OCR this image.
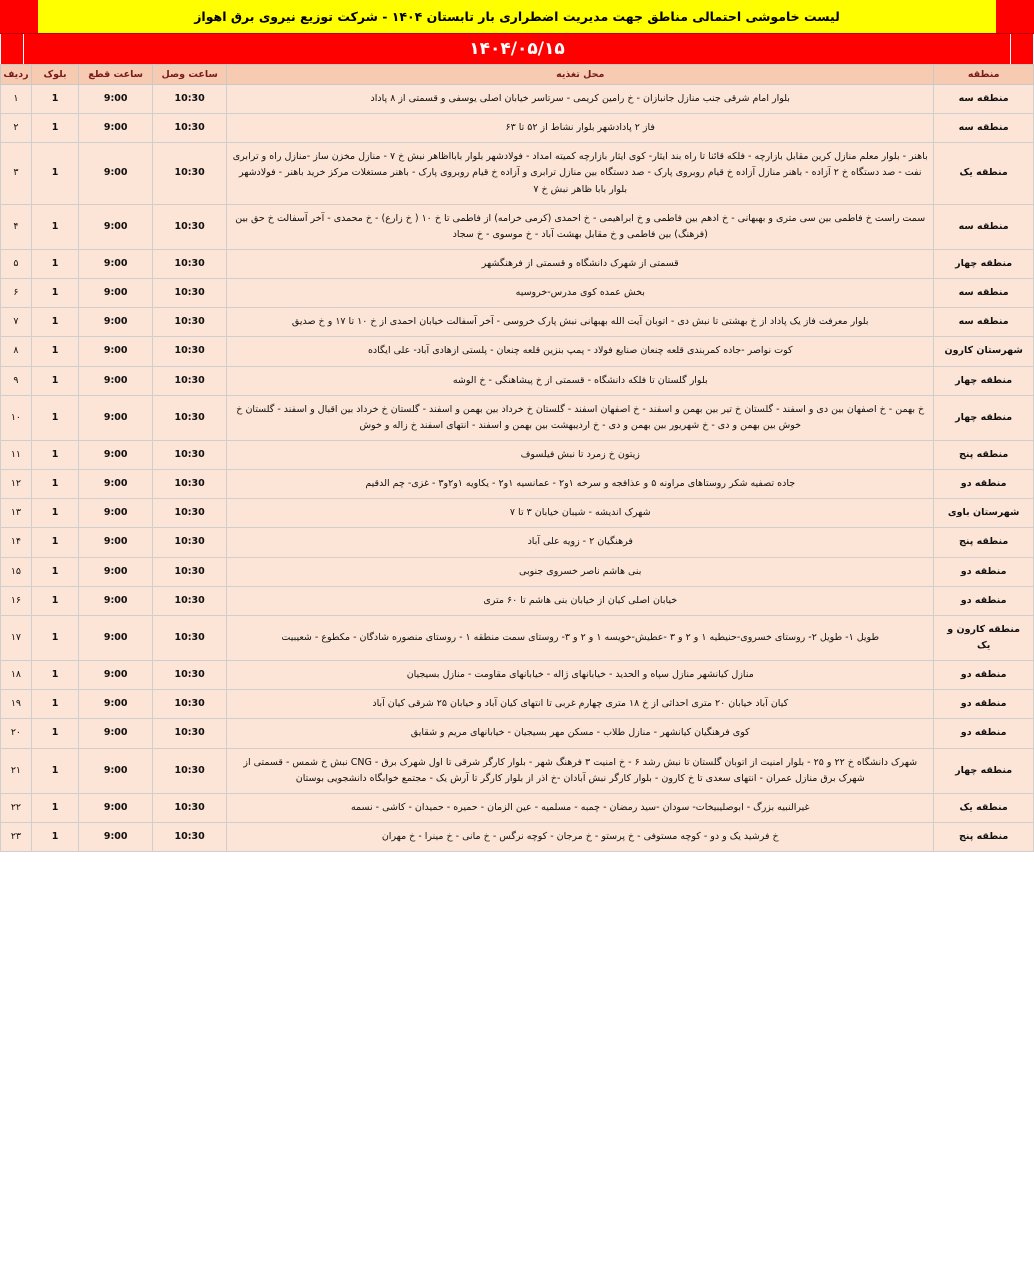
لیست خاموشی احتمالی مناطق جهت مدیریت اضطراری بار تابستان ۱۴۰۴ - شرکت توزیع نیروی برق اهواز
۱۴۰۴/۰۵/۱۵
منطقه	محل تغذیه	ساعت وصل	ساعت قطع	بلوک	ردیف
منطقه سه	بلوار امام شرقی جنب منازل جانبازان - خ رامین کریمی - سرتاسر خیابان اصلی یوسفی و قسمتی از ۸ پاداد	10:30	9:00	1	۱
منطقه سه	فاز ۲ پادادشهر بلوار نشاط از ۵۲ تا ۶۳	10:30	9:00	1	۲
منطقه یک	باهنر - بلوار معلم منازل کرین مقابل بازارچه - فلکه قائنا تا راه بند ایثار- کوی ایثار بازارچه کمیته امداد - فولادشهر بلوار بابااظاهر نبش خ ۷ - منازل مخزن ساز -منازل راه و ترابری نفت - صد دستگاه خ ۲ آزاده - باهنر منازل آزاده خ قیام روبروی پارک - صد دستگاه بین منازل ترابری و آزاده خ قیام روبروی پارک - باهنر مستغلات مرکز خرید باهنر - فولادشهر بلوار بابا ظاهر نبش خ ۷	10:30	9:00	1	۳
منطقه سه	سمت راست خ فاطمی بین سی متری و بهبهانی - خ ادهم بین فاطمی و خ ابراهیمی - خ احمدی (کرمی خرامه) از فاطمی تا خ ۱۰ ( خ زارع) - خ محمدی - آخر آسفالت خ حق بین (فرهنگ) بین فاطمی و خ مقابل بهشت آباد - خ موسوی - خ سجاد	10:30	9:00	1	۴
منطقه چهار	قسمتی از شهرک دانشگاه و قسمتی از فرهنگشهر	10:30	9:00	1	۵
منطقه سه	بخش عمده کوی مدرس-خروسیه	10:30	9:00	1	۶
منطقه سه	بلوار معرفت فاز یک پاداد از خ بهشتی تا نبش دی - اتوبان آیت الله بهبهانی نبش پارک خروسی - آخر آسفالت خیابان احمدی از خ ۱۰ تا ۱۷ و خ صدیق	10:30	9:00	1	۷
شهرستان کارون	کوت نواصر -جاده کمربندی قلعه چنعان صنایع فولاد - پمپ بنزین قلعه چنعان - پلستی ازهادی آباد- علی ایگاده	10:30	9:00	1	۸
منطقه چهار	بلوار گلستان تا فلکه دانشگاه - قسمتی از خ پیشاهنگی - خ الوشه	10:30	9:00	1	۹
منطقه چهار	خ بهمن - خ اصفهان بین دی و اسفند - گلستان خ تیر بین بهمن و اسفند - خ اصفهان اسفند - گلستان خ خرداد بین بهمن و اسفند - گلستان خ خرداد بین اقبال و اسفند - گلستان خ خوش بین بهمن و دی - خ شهریور بین بهمن و دی - خ اردیبهشت بین بهمن و اسفند - انتهای اسفند خ زاله و خوش	10:30	9:00	1	۱۰
منطقه پنج	زیتون خ زمرد تا نبش فیلسوف	10:30	9:00	1	۱۱
منطقه دو	جاده تصفیه شکر روستاهای مراونه ۵ و عذافجه و سرخه ۱و۲ - عمانسیه ۱و۲ - یکاویه ۱و۲و۳ - غزی- چم الدقیم	10:30	9:00	1	۱۲
شهرستان باوی	شهرک اندیشه - شیبان خیابان ۳ تا ۷	10:30	9:00	1	۱۳
منطقه پنج	فرهنگیان ۲ - زویه علی آباد	10:30	9:00	1	۱۴
منطقه دو	بنی هاشم ناصر خسروی جنوبی	10:30	9:00	1	۱۵
منطقه دو	خیابان اصلی کیان از خیابان بنی هاشم تا ۶۰ متری	10:30	9:00	1	۱۶
منطقه کارون و یک	طویل ۱- طویل ۲- روستای خسروی-حنیطیه ۱ و ۲ و ۳ -عطیش-خویسه ۱ و ۲ و ۳- روستای سمت منطقه ۱ - روستای منصوره شادگان - مکطوع - شعیبیت	10:30	9:00	1	۱۷
منطقه دو	منازل کیانشهر منازل سپاه و الحدید - خیابانهای ژاله - خیابانهای مقاومت - منازل بسیجیان	10:30	9:00	1	۱۸
منطقه دو	کیان آباد خیابان ۲۰ متری احداثی از خ ۱۸ متری چهارم غربی تا انتهای کیان آباد و خیابان ۲۵ شرقی کیان آباد	10:30	9:00	1	۱۹
منطقه دو	کوی فرهنگیان کیانشهر - منازل طلاب - مسکن مهر بسیجیان - خیابانهای مریم و شقایق	10:30	9:00	1	۲۰
منطقه چهار	شهرک دانشگاه خ ۲۲ و ۲۵ - بلوار امنیت از اتوبان گلستان تا نبش رشد ۶ - خ امنیت ۳ فرهنگ شهر - بلوار کارگر شرقی تا اول شهرک برق - CNG نبش خ شمس - قسمتی از شهرک برق منازل عمران - انتهای سعدی تا خ کارون - بلوار کارگر نبش آبادان -خ اذر از بلوار کارگر تا آرش یک - مجتمع خوابگاه دانشجویی بوستان	10:30	9:00	1	۲۱
منطقه یک	غیرالنبیه بزرگ - ابوصلیبیخات- سودان -سید رمضان - چمبه - مسلمیه - عین الزمان - حمیره - حمیدان - کاشی - نسمه	10:30	9:00	1	۲۲
منطقه پنج	خ فرشید یک و دو - کوچه مستوفی - خ پرستو - خ مرجان - کوچه نرگس - خ مانی - خ مینرا - خ مهران	10:30	9:00	1	۲۳
